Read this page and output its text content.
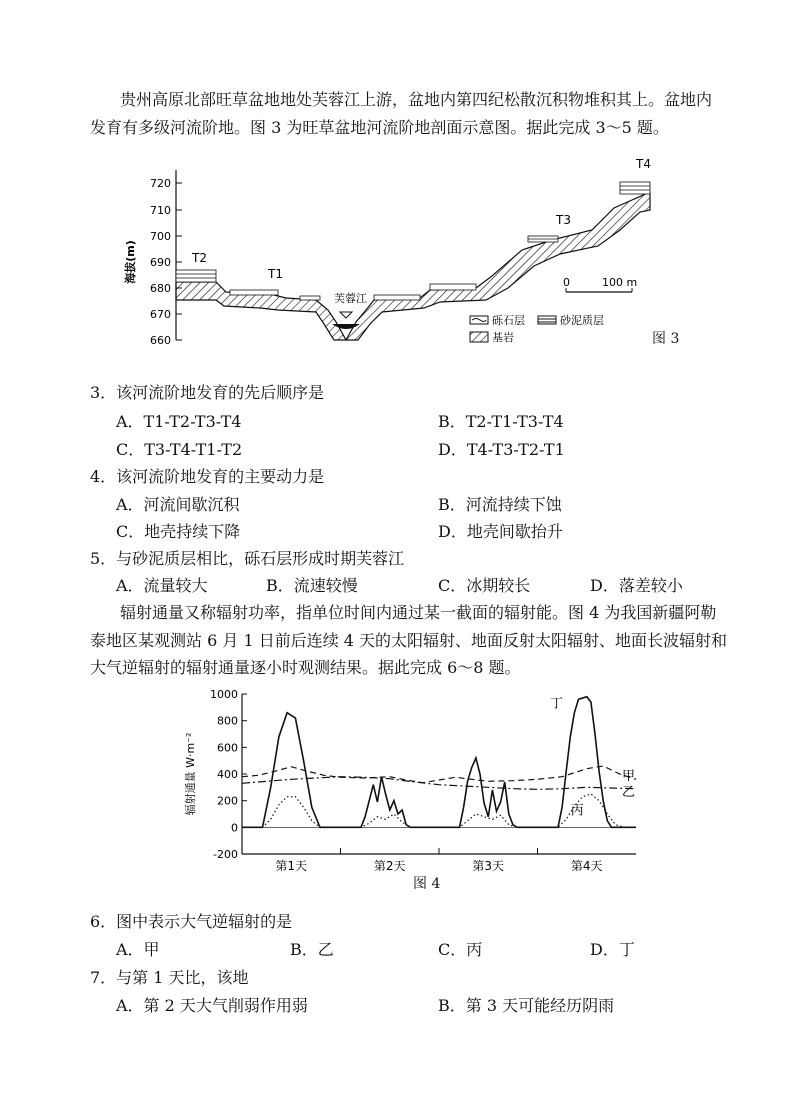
贵州高原北部旺草盆地地处芙蓉江上游，盆地内第四纪松散沉积物堆积其上。盆地内
发育有多级河流阶地。图 3 为旺草盆地河流阶地剖面示意图。据此完成 3～5 题。
720
710
700
690
680
670
660
海拔(m)
芙蓉江
T2
T1
T3
T4
0	100 m
砾石层	砂泥质层
基岩	图 3
3．该河流阶地发育的先后顺序是
A．T1-T2-T3-T4	B．T2-T1-T3-T4
C．T3-T4-T1-T2	D．T4-T3-T2-T1
4．该河流阶地发育的主要动力是
A．河流间歇沉积	B．河流持续下蚀
C．地壳持续下降	D．地壳间歇抬升
5．与砂泥质层相比，砾石层形成时期芙蓉江
A．流量较大	B．流速较慢	C．冰期较长	D．落差较小
辐射通量又称辐射功率，指单位时间内通过某一截面的辐射能。图 4 为我国新疆阿勒
泰地区某观测站 6 月 1 日前后连续 4 天的太阳辐射、地面反射太阳辐射、地面长波辐射和
大气逆辐射的辐射通量逐小时观测结果。据此完成 6～8 题。
1000
800
600
400
200
0
-200
第1天	第2天	第3天	第4天
辐射通量 W·m⁻²	甲
乙
丙
丁
图 4
6．图中表示大气逆辐射的是
A．甲	B．乙	C．丙	D．丁
7．与第 1 天比，该地
A．第 2 天大气削弱作用弱	B．第 3 天可能经历阴雨
